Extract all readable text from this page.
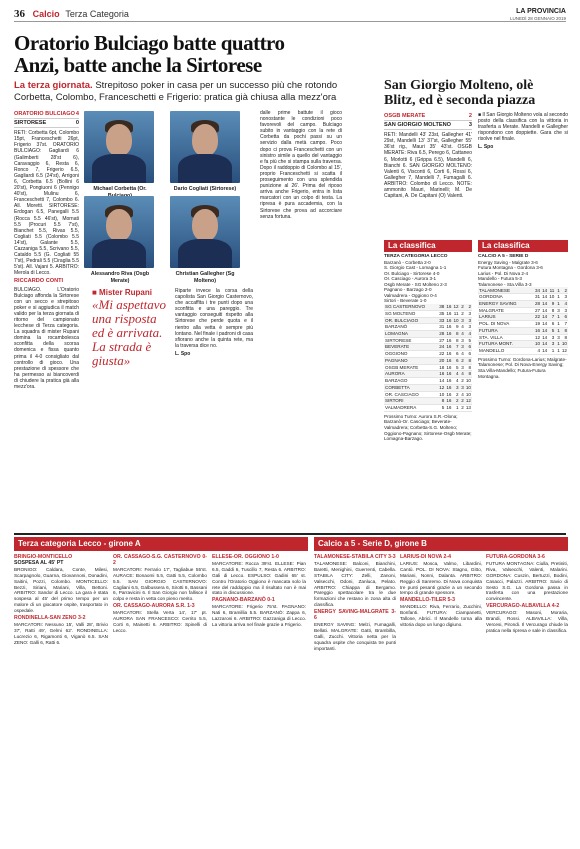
36 Calcio Terza Categoria	LA PROVINCIA
LUNEDÌ 28 GENNAIO 2019
Oratorio Bulciago batte quattro
Anzi, batte anche la Sirtorese
La terza giornata. Strepitoso poker in casa per un successo più che rotondo Corbetta, Colombo, Franceschetti e Frigerio: pratica già chiusa alla mezz'ora
ORATORIO BULCIAGO 4
SIRTORESE	0

RETI: Corbetta 6pt, Colombo 15pt, Franceschetti 26pt, Frigerio 37st. ORATORIO BULCIAGO: Gagliardi 6 (Galimberti 28'st 6), Caravaggio 6, Resta 6, Ronco 7, Frigerio 6.5, Gagliardi 6.5 (24'st), Arrigoni 6, Corbetta 6.5 (Bollini 6 20'st), Pongiuoni 6 (Pennigo 40'st), Mulinu 6, Franceschetti 7, Colombo 6. All. Moretti. SIRTORESE: Erdogan 6.5, Panegalli 5.5 (Rocca 5.5 46'st), Mornati 5.5 (Procuri 5.5 7'st), Bianchet 5.5, Rivas 5.5, Cogliati 5.5 (Colombo 5.5 14'st), Galante 5.5, Cazzaniga 5.5, Scrivano 5.5, Cataldo 5.5 (G. Cogliati 55 7'st), Pedrali 5.5 (Ciraglia 5.5 5'st). All. Vajani 5. ARBITRO: Merola di Lecco.

RICCARDO CONTI

BULCIAGO. L'Oratorio Bulciago affonda la Sirtorese con un secco e strepitoso poker e si aggiudica il match valido per la terza giornata di ritorno del campionato lecchese di Terza categoria. La squadra di mister Rupani domina la rocambolesca sconfitta della scorsa domenica e fissa quanto prima il 4-0 consigliato dal controllo di gioco. Una prestazione di spessore che ha permesso ai biancoverdi di chiudere la pratica già alla mezz'ora.

Michael Corbetta (Or.	Dario Cogliati (Sirtorese)
Alessandro Riva (Osgb Merate)
Christian Gallegher (Sg Molteno)

dalle prime battute il gioco nonostante le condizioni poco favorevoli del campo. Bulciago subito in vantaggio con la rete di Corbetta da pochi passi su un servizio dalla metà campo. Poco dopo ci prova Franceschetti con un sinistro simile a quello del vantaggio e fa più che si stampa sulla traversa. Dopo il raddoppio di Colombo al 15', proprio Franceschetti si scatta il proseguimento con una splendida punizione al 26'. Prima del riposo arriva anche Frigerio, entra in lista marcatori con un colpo di testa. La ripresa è pura accademia, con la Sirtorese che prova ad accorciare senza fortuna.

■ Mister Rupani
«Mi aspettavo una risposta ed è arrivata. La strada è giusta»

Riparte invece la corsa della capolista San Giorgio Casternovo, che accaffita i tre punti dopo una sconfitta e una pareggio. Tre vantaggio conseguiti rispetto alla Sirtorese che perde quota e il rientro alla vetta è sempre più lontano. Nel finale i padroni di casa sfiorano anche la quinta rete, ma la traversa dice no.

L. Spo

San Giorgio Molteno, olè Blitz, ed è seconda piazza
OSGB MERATE	2
SAN GIORGIO MOLTENO	3

RETI: Mandelli 43' 23st, Gallegher 41' 29st, Mandelli 13' 37'st, Gallegher 55' 36'st rig., Mauri 35' 43'st. OSGB MERATE: Riva 6.5, Perego 6, Cattaneo 6, Morlotti 6 (Grippa 6.5), Mandelli 6, Bianchi 6. SAN GIORGIO MOLTENO: Valenti 6, Visconti 6, Corti 6, Rossi 6, Gallegher 7, Mandelli 7, Fumagalli 6. ARBITRO: Colombo di Lecco. NOTE: ammonito Mauri, Marinelli; M. De Capitani, A. De Capitani (O) Valenti.

■ Il San Giorgio Molteno vola al secondo posto della classifica con la vittoria in trasferta a Merate. Mandelli e Gallegher rispondono con doppiette. Gara che si risolve nel finale.

L. Spo

La classifica
TERZA CATEGORIA LECCO
Barzanò - Corbetta 2-0
S. Giorgio Cast - Lomagna 1-1
Or. Bulciago - Sirtorese 4-0
Or. Casciago - Aurora 3-1
Osgb Merate - SG Molteno 2-3
Pagnano - Barzago 2-0
Valmadrera - Oggiono 0-4
Sirtori - Beverate 1-0
SG CASTERNOVO	38	16	12	2	2
SG MOLTENO	35	16	11	2	3
OR. BULCIAGO	33	16	10	3	3
BARZANÒ	31	16	9	4	3
LOMAGNA	28	16	8	4	4
SIRTORESE	27	16	8	3	5
BEVERATE	24	16	7	3	6
OGGIONO	22	16	6	4	6
PAGNANO	20	16	6	2	8
OSGB MERATE	18	16	5	3	8
AURORA	16	16	4	4	8
BARZAGO	14	16	4	2	10
CORBETTA	12	16	3	3	10
OR. CASCIAGO	10	16	2	4	10
SIRTORI	8	16	2	2	12
VALMADRERA	5	16	1	2	13
Prossimo Turno: Aurora S.R.-Olona; Barzanò-Or. Casciago; Beverate-Valmadrera; Corbetta-S.G. Molteno; Oggiono-Pagnano; Sirtorese-Osgb Merate; Lomagna-Barzago.
La classifica
CALCIO A 5 - SERIE D
Energy Saving - Malgrate 3-6
Futura Montagna - Gordona 3-6
Larius - Pol. Di Nova 2-4
Mandello - Futura 5-3
Talamonese - Sta.Villa 3-3
TALAMONESE	34	14	11	1	2
GORDONA	31	14	10	1	3
ENERGY SAVING	28	14	9	1	4
MALGRATE	27	14	8	3	3
LARIUS	22	14	7	1	6
POL. DI NOVA	19	14	6	1	7
FUTURA	16	14	5	1	8
STA. VILLA	12	14	3	3	8
FUTURA MONT.	10	14	3	1	10
MANDELLO	4	14	1	1	12
Prossimo Turno: Gordona-Larius; Malgrate-Talamonese; Pol. Di Nova-Energy Saving; Sta.Villa-Mandello; Futura-Futura Montagna.
Terza categoria Lecco - girone A	Calcio a 5 - Serie D, girone B
BRINGIO-MONTICELLO
SOSPESA AL 45' PT
BRONIGO: Caldara, Conte, Milesi, Scarpagnolo, Guarna, Giovannoni, Donadini, Saitini, Pozzi, Colombo. MONTICELLO: Bezzi, Siriani, Mariani, Villa, Bettoni. ARBITRO: Sandor di Lecco. La gara è stata sospesa al 45' del primo tempo per un malore di un giocatore ospite, trasportato in ospedale.
RONDINELLA-SAN ZENO 3-2
MARCATORI: Nessuno 15', Valli 28', Brivio 37', Ratti 49', Gelmi 62'. RONDINELLA: Lucrezio 6, Rigamonti 6, Viganò 6.5. SAN ZENO: Galli 6, Ratti 6.
OR. CASSAGO-S.G. CASTERNOVO 0-2
MARCATORI: Ferrario 17', Tagliabue 55'st. AURACE: Bonaomi 5.5, Gatti 5.5, Colombo 5.5. SAN GIORGIO CASTERNOVO: Cagliani 6.5, Galbussera 6, Sirotti 6, Bassani 6, Parravicini 6. Il San Giorgio non fallisce il colpo e resta in vetta con pieno merito.
OR. CASSAGO-AURORA S.R. 1-3
MARCATORI: Stella Verta 14', 17' pt. AURORA SAN FRANCESCO: Cerrito 5.5, Corti 6, Mainetti 6. ARBITRO: Spinelli di Lecco.
ELLESE-OR. OGGIONO 1-0
MARCATORE: Rocca 39'st. ELLESE: Pian 6.5, Gaddi 6, Tuscillo 7, Resta 6. ARBITRO: Gali di Lecco. ESPULSO: Gadini 65' st. Contro l'Oratorio Oggiono è mancata solo la rete del raddoppio ma il risultato non è mai stato in discussione.
PAGNANO-BARZANÒ 0-1
MARCATORE: Frigerio 75'st. PAGNANO: Nati 6, Bramillia 5.5. BARZANÒ: Zappa 6, Lazzaroni 6. ARBITRO: Gazzaniga di Lecco. La vittoria arriva nel finale grazie a Frigerio.
TALAMONESE-STABILA CITY 3-3
TALAMONESE: Balconi, Bianchini, Baretti, Menighini, Guerrenti, Cabella. STABILA CITY: Zelli, Zanoni, Valsecchi, Odoni, Zanluca, Pelato. ARBITRO: Chiappa di Bergamo. Pareggio spettacolare tra le due formazioni che restano in zona alta di classifica.
ENERGY SAVING-MALGRATE 3-6
ENERGY SAVING: Melzi, Fumagalli, Bellati. MALGRATE: Gatti, Brambilla, Galli, Zucchi. Vittoria netta per la squadra ospite che conquista tre punti importanti.
LARIUS-DI NOVA 2-4
LARIUS: Mosca, Valmo, Libardini, Cantù. POL. DI NOVA: Stagno, Gitto, Mariani, Nonni, Dalanta. ARBITRO: Reggio di Sanremo. Di Nova conquista tre punti pesanti grazie a un secondo tempo di grande spessore.
MANDELLO-TILER 5-3
MANDELLO: Riva, Ferrario, Zucchini, Bonfanti. FUTURA: Ciampanetti, Tallone, Abrici. Il Mandello torna alla vittoria dopo un lungo digiuno.
FUTURA-GORDONA 3-6
FUTURA MONTAGNA: Ciulla, Pretiniti, Riva, Valsecchi, Valenti, Malarini. GORDONA: Cuszin, Bertuzzi, Bodini, Casacci, Palazzi. ARBITRO: Savio di Sesto S.G. La Gordona passa in trasferta con una prestazione convincente.
VERCURAGO-ALBAVILLA 4-2
VERCURAGO: Masoni, Moraria, Brandi, Rossi. ALBAVILLA: Villa, Vercesi, Pirondi. Il Vercurago chiude la pratica nella ripresa e sale in classifica.
